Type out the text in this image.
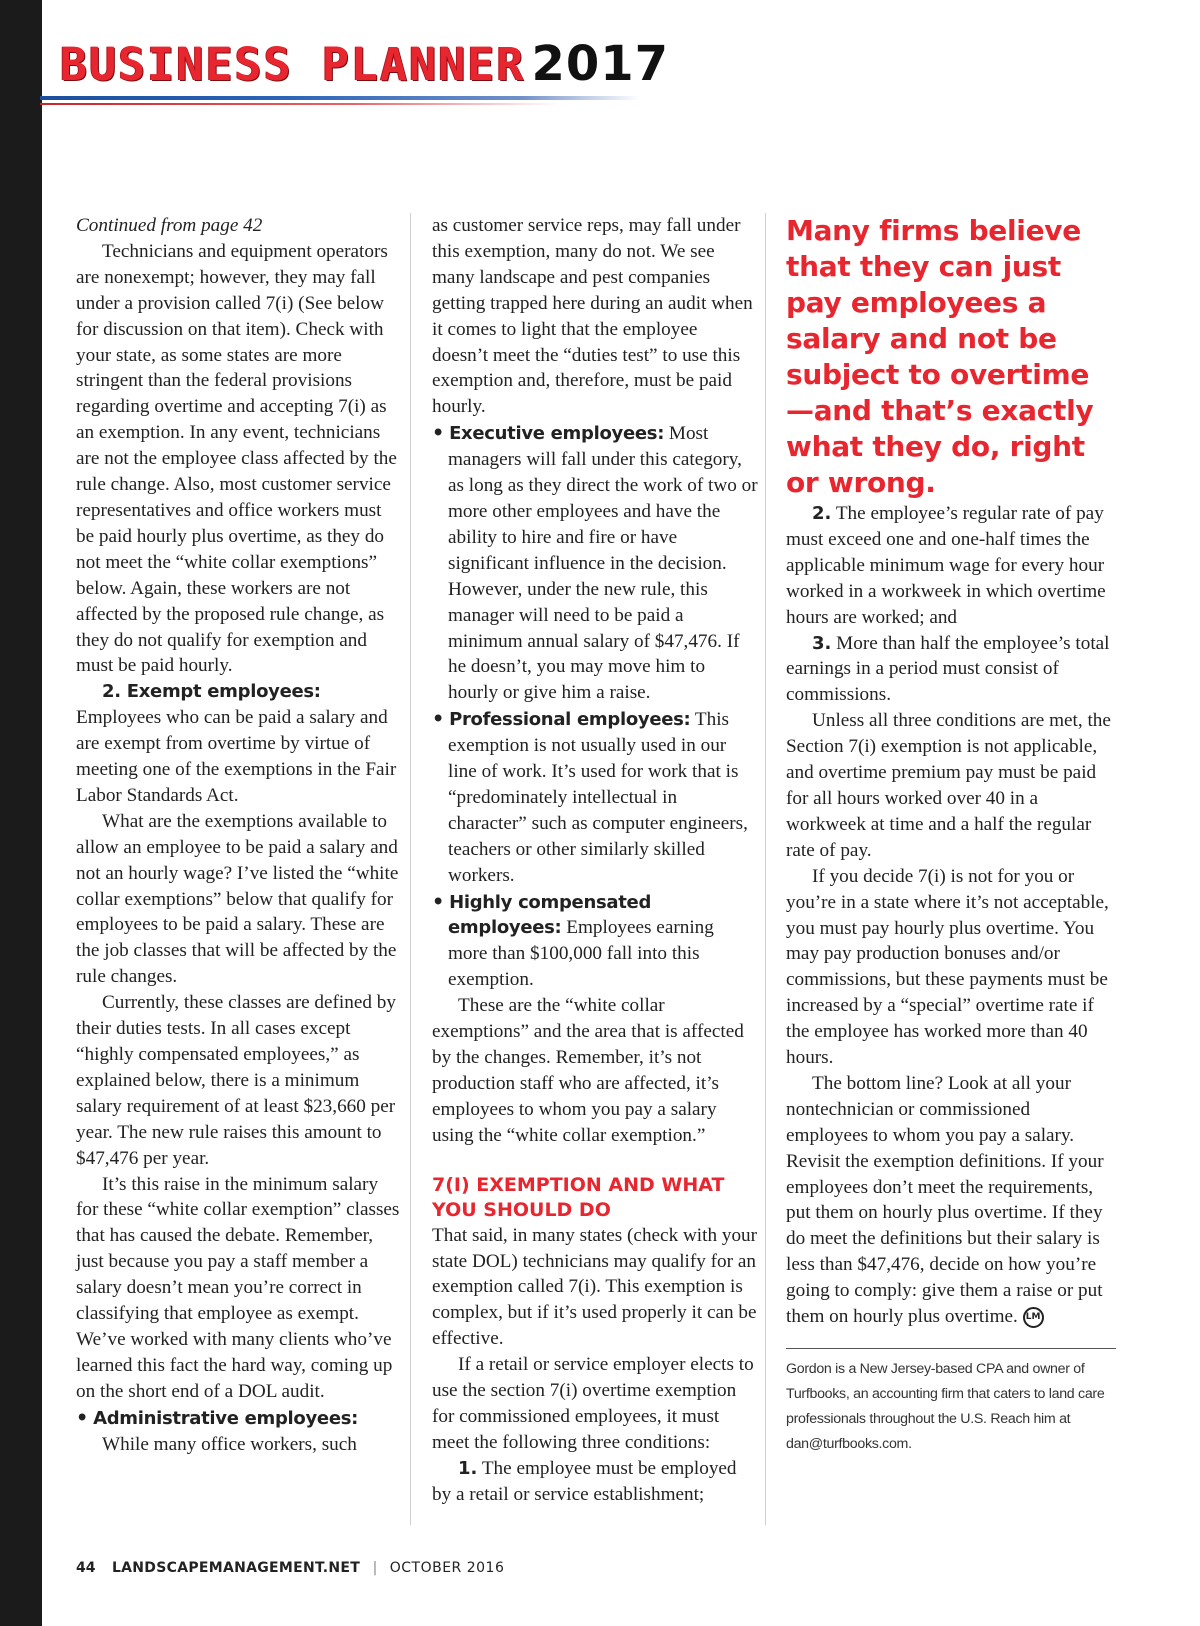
BUSINESS PLANNER 2017

Continued from page 42

Technicians and equipment operators are nonexempt; however, they may fall under a provision called 7(i) (See below for discussion on that item). Check with your state, as some states are more stringent than the federal provisions regarding overtime and accepting 7(i) as an exemption. In any event, technicians are not the employee class affected by the rule change. Also, most customer service representatives and office workers must be paid hourly plus overtime, as they do not meet the “white collar exemptions” below. Again, these workers are not affected by the proposed rule change, as they do not qualify for exemption and must be paid hourly.

2. Exempt employees: Employees who can be paid a salary and are exempt from overtime by virtue of meeting one of the exemptions in the Fair Labor Standards Act.

What are the exemptions available to allow an employee to be paid a salary and not an hourly wage? I’ve listed the “white collar exemptions” below that qualify for employees to be paid a salary. These are the job classes that will be affected by the rule changes.

Currently, these classes are defined by their duties tests. In all cases except “highly compensated employees,” as explained below, there is a minimum salary requirement of at least $23,660 per year. The new rule raises this amount to $47,476 per year.

It’s this raise in the minimum salary for these “white collar exemption” classes that has caused the debate. Remember, just because you pay a staff member a salary doesn’t mean you’re correct in classifying that employee as exempt. We’ve worked with many clients who’ve learned this fact the hard way, coming up on the short end of a DOL audit.

• Administrative employees:

While many office workers, such

as customer service reps, may fall under this exemption, many do not. We see many landscape and pest companies getting trapped here during an audit when it comes to light that the employee doesn’t meet the “duties test” to use this exemption and, therefore, must be paid hourly.

• Executive employees: Most managers will fall under this category, as long as they direct the work of two or more other employees and have the ability to hire and fire or have significant influence in the decision. However, under the new rule, this manager will need to be paid a minimum annual salary of $47,476. If he doesn’t, you may move him to hourly or give him a raise.

• Professional employees: This exemption is not usually used in our line of work. It’s used for work that is “predominately intellectual in character” such as computer engineers, teachers or other similarly skilled workers.

• Highly compensated employees: Employees earning more than $100,000 fall into this exemption.

These are the “white collar exemptions” and the area that is affected by the changes. Remember, it’s not production staff who are affected, it’s employees to whom you pay a salary using the “white collar exemption.”

7(I) EXEMPTION AND WHAT YOU SHOULD DO

That said, in many states (check with your state DOL) technicians may qualify for an exemption called 7(i). This exemption is complex, but if it’s used properly it can be effective.

If a retail or service employer elects to use the section 7(i) overtime exemption for commissioned employees, it must meet the following three conditions:

1. The employee must be employed by a retail or service establishment;

Many firms believe that they can just pay employees a salary and not be subject to overtime—and that’s exactly what they do, right or wrong.

2. The employee’s regular rate of pay must exceed one and one-half times the applicable minimum wage for every hour worked in a workweek in which overtime hours are worked; and

3. More than half the employee’s total earnings in a period must consist of commissions.

Unless all three conditions are met, the Section 7(i) exemption is not applicable, and overtime premium pay must be paid for all hours worked over 40 in a workweek at time and a half the regular rate of pay.

If you decide 7(i) is not for you or you’re in a state where it’s not acceptable, you must pay hourly plus overtime. You may pay production bonuses and/or commissions, but these payments must be increased by a “special” overtime rate if the employee has worked more than 40 hours.

The bottom line? Look at all your nontechnician or commissioned employees to whom you pay a salary. Revisit the exemption definitions. If your employees don’t meet the requirements, put them on hourly plus overtime. If they do meet the definitions but their salary is less than $47,476, decide on how you’re going to comply: give them a raise or put them on hourly plus overtime. LM

Gordon is a New Jersey-based CPA and owner of Turfbooks, an accounting firm that caters to land care professionals throughout the U.S. Reach him at dan@turfbooks.com.

44 LANDSCAPEMANAGEMENT.NET | OCTOBER 2016
